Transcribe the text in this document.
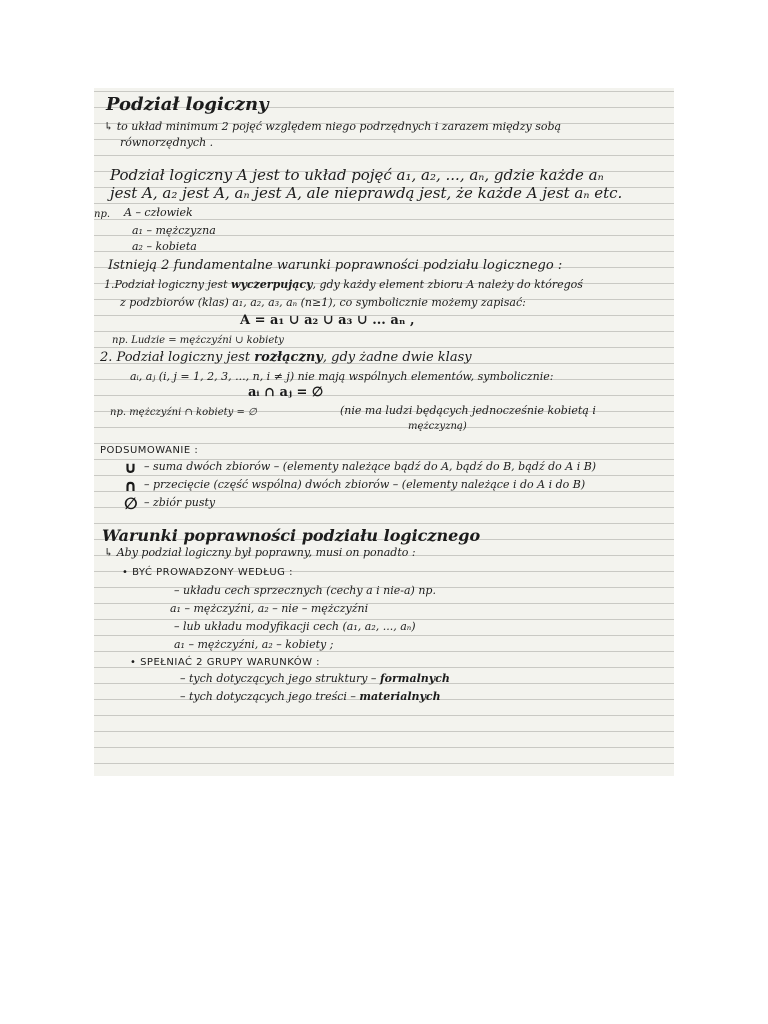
Podział logiczny
↳ to układ minimum 2 pojęć względem niego podrzędnych i zarazem między sobą
równorzędnych .
Podział logiczny A jest to układ pojęć a₁, a₂, ..., aₙ, gdzie każde aₙ
jest A, a₂ jest A, aₙ jest A, ale nieprawdą jest, że każde A jest aₙ etc.
np. A – człowiek
a₁ – mężczyzna
a₂ – kobieta
Istnieją 2 fundamentalne warunki poprawności podziału logicznego :
1.Podział logiczny jest wyczerpujący, gdy każdy element zbioru A należy do któregoś
z podzbiorów (klas) a₁, a₂, a₃, aₙ (n≥1), co symbolicznie możemy zapisać:
A = a₁ ∪ a₂ ∪ a₃ ∪ ... aₙ ,
np. Ludzie = mężczyźni ∪ kobiety
2. Podział logiczny jest rozłączny, gdy żadne dwie klasy
aᵢ, aⱼ (i, j = 1, 2, 3, ..., n, i ≠ j) nie mają wspólnych elementów, symbolicznie:
aᵢ ∩ aⱼ = ∅
np. mężczyźni ∩ kobiety = ∅	(nie ma ludzi będących jednocześnie kobietą i
mężczyzną)
PODSUMOWANIE :
∪ – suma dwóch zbiorów – (elementy należące bądź do A, bądź do B, bądź do A i B)
∩ – przecięcie (część wspólna) dwóch zbiorów – (elementy należące i do A i do B)
∅ – zbiór pusty
Warunki poprawności podziału logicznego
↳ Aby podział logiczny był poprawny, musi on ponadto :
• BYĆ PROWADZONY WEDŁUG :
– układu cech sprzecznych (cechy a i nie-a) np.
a₁ – mężczyźni, a₂ – nie – mężczyźni
– lub układu modyfikacji cech (a₁, a₂, ..., aₙ)
a₁ – mężczyźni, a₂ – kobiety ;
• SPEŁNIAĆ 2 GRUPY WARUNKÓW :
– tych dotyczących jego struktury – formalnych
– tych dotyczących jego treści – materialnych
